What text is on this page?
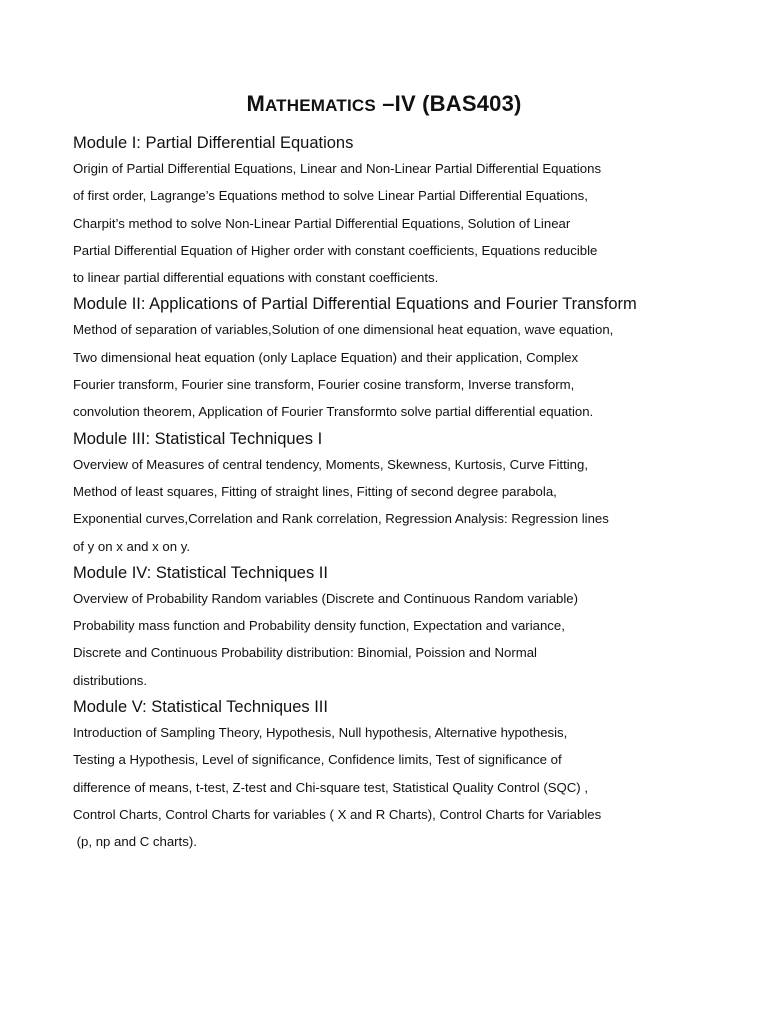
MATHEMATICS –IV (BAS403)
Module I: Partial Differential Equations

Origin of Partial Differential Equations, Linear and Non-Linear Partial Differential Equations

of first order, Lagrange’s Equations method to solve Linear Partial Differential Equations,

Charpit’s method to solve Non-Linear Partial Differential Equations, Solution of Linear

Partial Differential Equation of Higher order with constant coefficients, Equations reducible

to linear partial differential equations with constant coefficients.

Module II: Applications of Partial Differential Equations and Fourier Transform

Method of separation of variables,Solution of one dimensional heat equation, wave equation,

Two dimensional heat equation (only Laplace Equation) and their application, Complex

Fourier transform, Fourier sine transform, Fourier cosine transform, Inverse transform,

convolution theorem, Application of Fourier Transformto solve partial differential equation.

Module III: Statistical Techniques I

Overview of Measures of central tendency, Moments, Skewness, Kurtosis, Curve Fitting,

Method of least squares, Fitting of straight lines, Fitting of second degree parabola,

Exponential curves,Correlation and Rank correlation, Regression Analysis: Regression lines

of y on x and x on y.

Module IV: Statistical Techniques II

Overview of Probability Random variables (Discrete and Continuous Random variable)

Probability mass function and Probability density function, Expectation and variance,

Discrete and Continuous Probability distribution: Binomial, Poission and Normal

distributions.

Module V: Statistical Techniques III

Introduction of Sampling Theory, Hypothesis, Null hypothesis, Alternative hypothesis,

Testing a Hypothesis, Level of significance, Confidence limits, Test of significance of

difference of means, t-test, Z-test and Chi-square test, Statistical Quality Control (SQC) ,

Control Charts, Control Charts for variables ( X and R Charts), Control Charts for Variables

(p, np and C charts).
